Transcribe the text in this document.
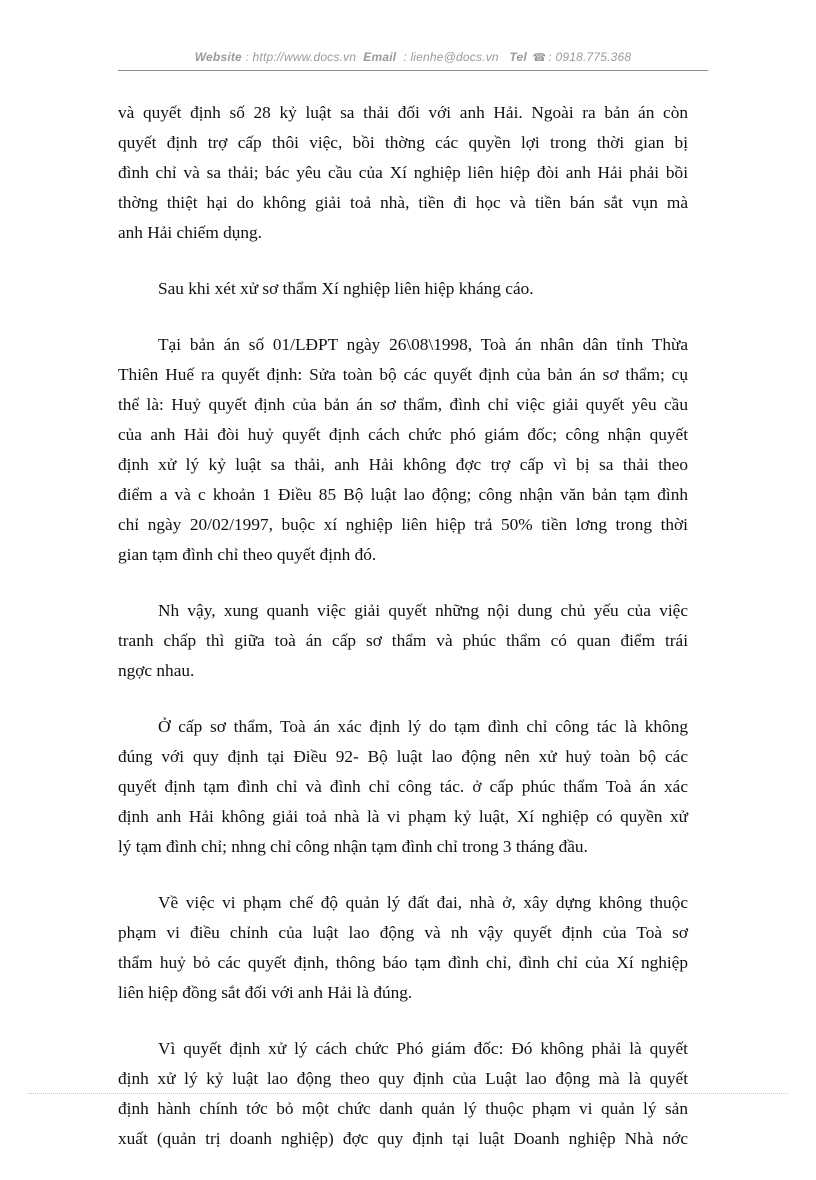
Website : http://www.docs.vn Email : lienhe@docs.vn Tel ☎ : 0918.775.368
và quyết định số 28 kỷ luật sa thải đối với anh Hải. Ngoài ra bản án còn
quyết định trợ cấp thôi việc, bồi thờng các quyền lợi trong thời gian bị
đình chỉ và sa thải; bác yêu cầu của Xí nghiệp liên hiệp đòi anh Hải phải bồi
thờng thiệt hại do không giải toả nhà, tiền đi học và tiền bán sắt vụn mà
anh Hải chiếm dụng.
Sau khi xét xử sơ thẩm Xí nghiệp liên hiệp kháng cáo.
Tại bản án số 01/LĐPT ngày 26\08\1998, Toà án nhân dân tỉnh Thừa
Thiên Huế ra quyết định: Sửa toàn bộ các quyết định của bản án sơ thẩm; cụ
thể là: Huỷ quyết định của bản án sơ thẩm, đình chỉ việc giải quyết yêu cầu
của anh Hải đòi huỷ quyết định cách chức phó giám đốc; công nhận quyết
định xử lý kỷ luật sa thải, anh Hải không đợc trợ cấp vì bị sa thải theo
điểm a và c khoản 1 Điều 85 Bộ luật lao động; công nhận văn bản tạm đình
chỉ ngày 20/02/1997, buộc xí nghiệp liên hiệp trả 50% tiền lơng trong thời
gian tạm đình chỉ theo quyết định đó.
Nh vậy, xung quanh việc giải quyết những nội dung chủ yếu của việc
tranh chấp thì giữa toà án cấp sơ thẩm và phúc thẩm có quan điểm trái
ngợc nhau.
Ở cấp sơ thẩm, Toà án xác định lý do tạm đình chỉ công tác là không
đúng với quy định tại Điều 92- Bộ luật lao động nên xử huỷ toàn bộ các
quyết định tạm đình chỉ và đình chỉ công tác. ở cấp phúc thẩm Toà án xác
định anh Hải không giải toả nhà là vi phạm kỷ luật, Xí nghiệp có quyền xử
lý tạm đình chỉ; nhng chỉ công nhận tạm đình chỉ trong 3 tháng đầu.
Về việc vi phạm chế độ quản lý đất đai, nhà ở, xây dựng không thuộc
phạm vi điều chỉnh của luật lao động và nh vậy quyết định của Toà sơ
thẩm huỷ bỏ các quyết định, thông báo tạm đình chỉ, đình chỉ của Xí nghiệp
liên hiệp đồng sắt đối với anh Hải là đúng.
Vì quyết định xử lý cách chức Phó giám đốc: Đó không phải là quyết
định xử lý kỷ luật lao động theo quy định của Luật lao động mà là quyết
định hành chính tớc bỏ một chức danh quản lý thuộc phạm vi quản lý sản
xuất (quản trị doanh nghiệp) đợc quy định tại luật Doanh nghiệp Nhà nớc
